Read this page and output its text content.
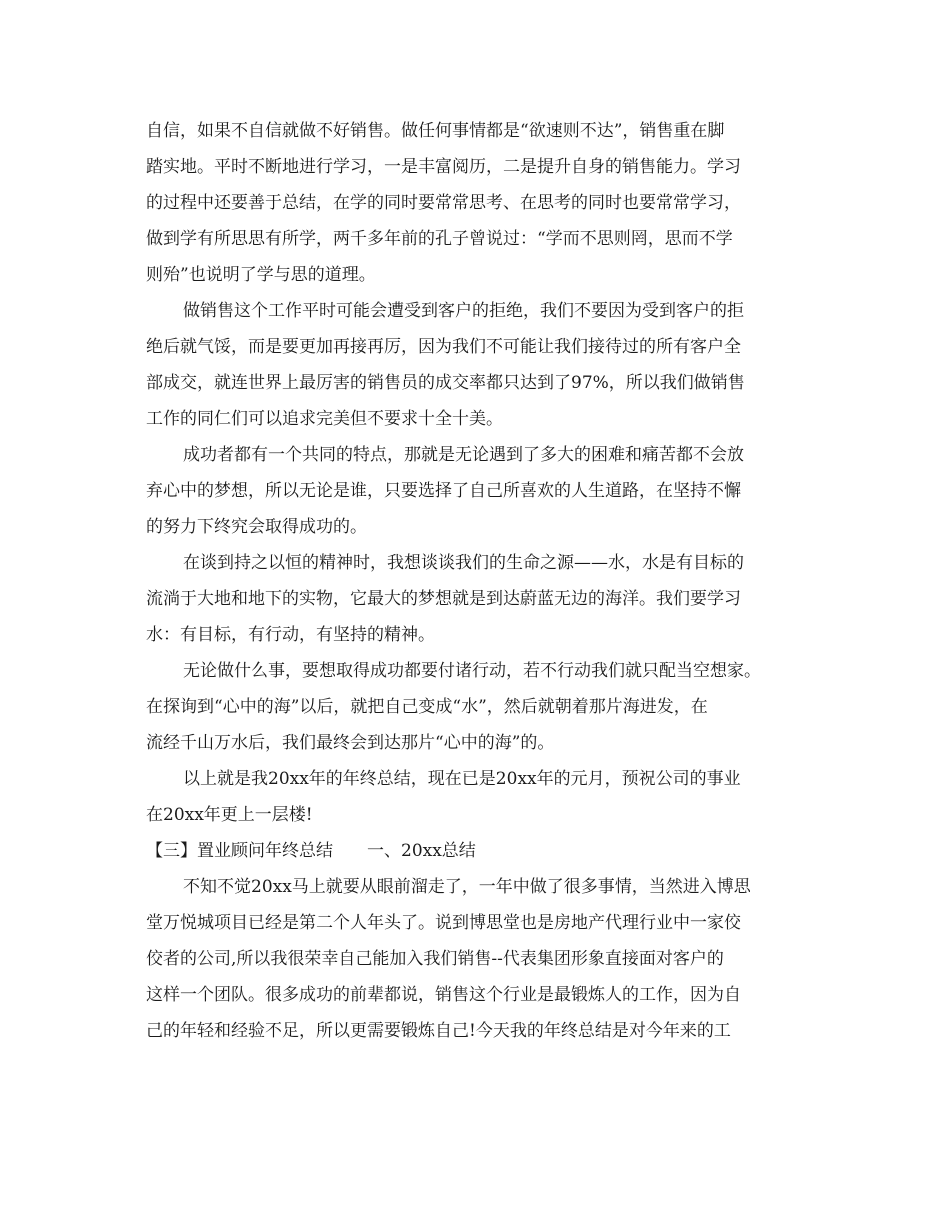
自信，如果不自信就做不好销售。做任何事情都是“欲速则不达”，销售重在脚

踏实地。平时不断地进行学习，一是丰富阅历，二是提升自身的销售能力。学习

的过程中还要善于总结，在学的同时要常常思考、在思考的同时也要常常学习，

做到学有所思思有所学，两千多年前的孔子曾说过：“学而不思则罔，思而不学

则殆”也说明了学与思的道理。

做销售这个工作平时可能会遭受到客户的拒绝，我们不要因为受到客户的拒

绝后就气馁，而是要更加再接再厉，因为我们不可能让我们接待过的所有客户全

部成交，就连世界上最厉害的销售员的成交率都只达到了97%，所以我们做销售

工作的同仁们可以追求完美但不要求十全十美。

成功者都有一个共同的特点，那就是无论遇到了多大的困难和痛苦都不会放

弃心中的梦想，所以无论是谁，只要选择了自己所喜欢的人生道路，在坚持不懈

的努力下终究会取得成功的。

在谈到持之以恒的精神时，我想谈谈我们的生命之源——水，水是有目标的

流淌于大地和地下的实物，它最大的梦想就是到达蔚蓝无边的海洋。我们要学习

水：有目标，有行动，有坚持的精神。

无论做什么事，要想取得成功都要付诸行动，若不行动我们就只配当空想家。

在探询到“心中的海”以后，就把自己变成“水”，然后就朝着那片海进发，在

流经千山万水后，我们最终会到达那片“心中的海”的。

以上就是我20xx年的年终总结，现在已是20xx年的元月，预祝公司的事业

在20xx年更上一层楼!

【三】置业顾问年终总结　　一、20xx总结

不知不觉20xx马上就要从眼前溜走了，一年中做了很多事情，当然进入博思

堂万悦城项目已经是第二个人年头了。说到博思堂也是房地产代理行业中一家佼

佼者的公司,所以我很荣幸自己能加入我们销售--代表集团形象直接面对客户的

这样一个团队。很多成功的前辈都说，销售这个行业是最锻炼人的工作，因为自

己的年轻和经验不足，所以更需要锻炼自己!今天我的年终总结是对今年来的工
